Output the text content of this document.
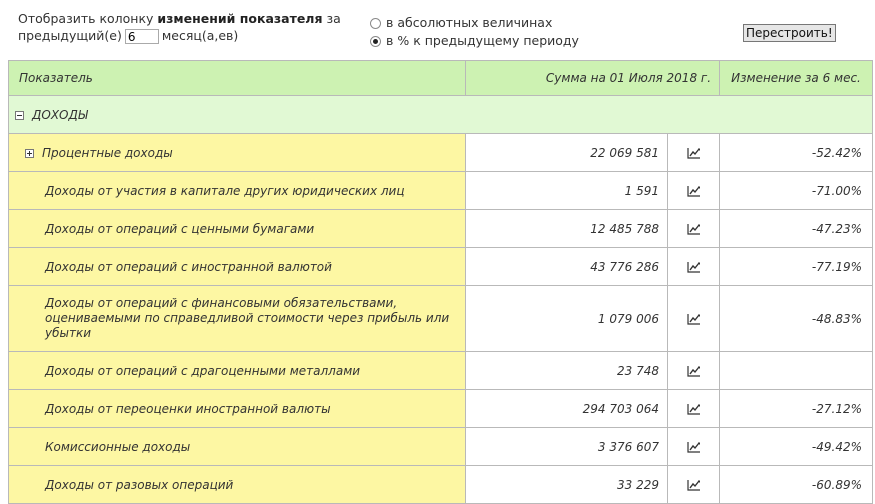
Отобразить колонку изменений показателя за
предыдущий(е)6	месяц(а,ев)
в абсолютных величинах
в % к предыдущему периоду	Перестроить!
Показатель	Сумма на 01 Июля 2018 г.		Изменение за 6 мес.
ДОХОДЫ			
Процентные доходы	22 069 581		-52.42%
Доходы от участия в капитале других юридических лиц	1 591		-71.00%
Доходы от операций с ценными бумагами	12 485 788		-47.23%
Доходы от операций с иностранной валютой	43 776 286		-77.19%

Доходы от операций с финансовыми обязательствами, оцениваемыми по справедливой стоимости через прибыль или убытки	1 079 006		-48.83%
Доходы от операций с драгоценными металлами	23 748	

Доходы от переоценки иностранной валюты	294 703 064		-27.12%
Комиссионные доходы	3 376 607		-49.42%
Доходы от разовых операций	33 229		-60.89%
